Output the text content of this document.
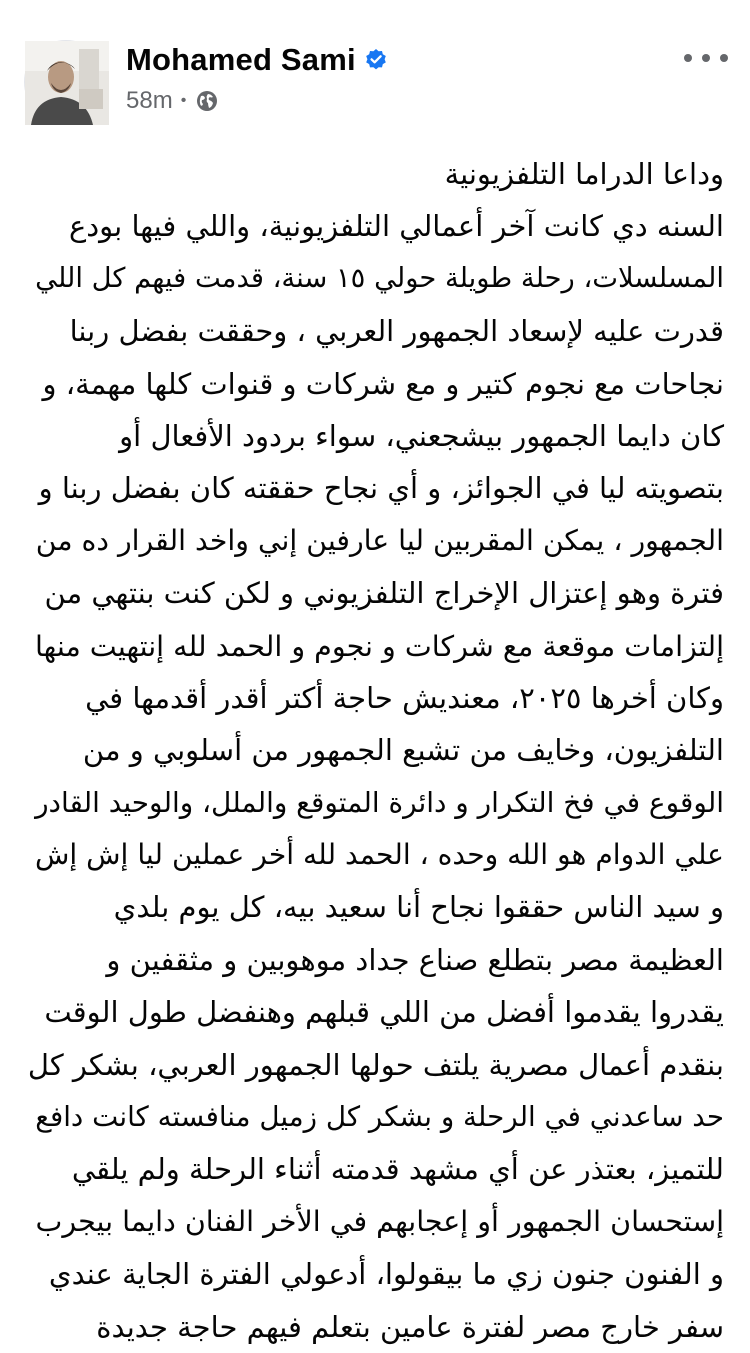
Mohamed Sami
58m •
وداعا الدراما التلفزيونية
السنه دي كانت آخر أعمالي التلفزيونية، واللي فيها بودع
المسلسلات، رحلة طويلة حولي ١٥ سنة، قدمت فيهم كل اللي
قدرت عليه لإسعاد الجمهور العربي ، وحققت بفضل ربنا
نجاحات مع نجوم كتير و مع شركات و قنوات كلها مهمة، و
كان دايما الجمهور بيشجعني، سواء بردود الأفعال أو
بتصويته ليا في الجوائز، و أي نجاح حققته كان بفضل ربنا و
الجمهور ، يمكن المقربين ليا عارفين إني واخد القرار ده من
فترة وهو إعتزال الإخراج التلفزيوني و لكن كنت بنتهي من
إلتزامات موقعة مع شركات و نجوم و الحمد لله إنتهيت منها
وكان أخرها ٢٠٢٥، معنديش حاجة أكتر أقدر أقدمها في
التلفزيون، وخايف من تشبع الجمهور من أسلوبي و من
الوقوع في فخ التكرار و دائرة المتوقع والملل، والوحيد القادر
علي الدوام هو الله وحده ، الحمد لله أخر عملين ليا إش إش
و سيد الناس حققوا نجاح أنا سعيد بيه، كل يوم بلدي
العظيمة مصر بتطلع صناع جداد موهوبين و مثقفين و
يقدروا يقدموا أفضل من اللي قبلهم وهنفضل طول الوقت
بنقدم أعمال مصرية يلتف حولها الجمهور العربي، بشكر كل
حد ساعدني في الرحلة و بشكر كل زميل منافسته كانت دافع
للتميز، بعتذر عن أي مشهد قدمته أثناء الرحلة ولم يلقي
إستحسان الجمهور أو إعجابهم في الأخر الفنان دايما بيجرب
و الفنون جنون زي ما بيقولوا، أدعولي الفترة الجاية عندي
سفر خارج مصر لفترة عامين بتعلم فيهم حاجة جديدة
